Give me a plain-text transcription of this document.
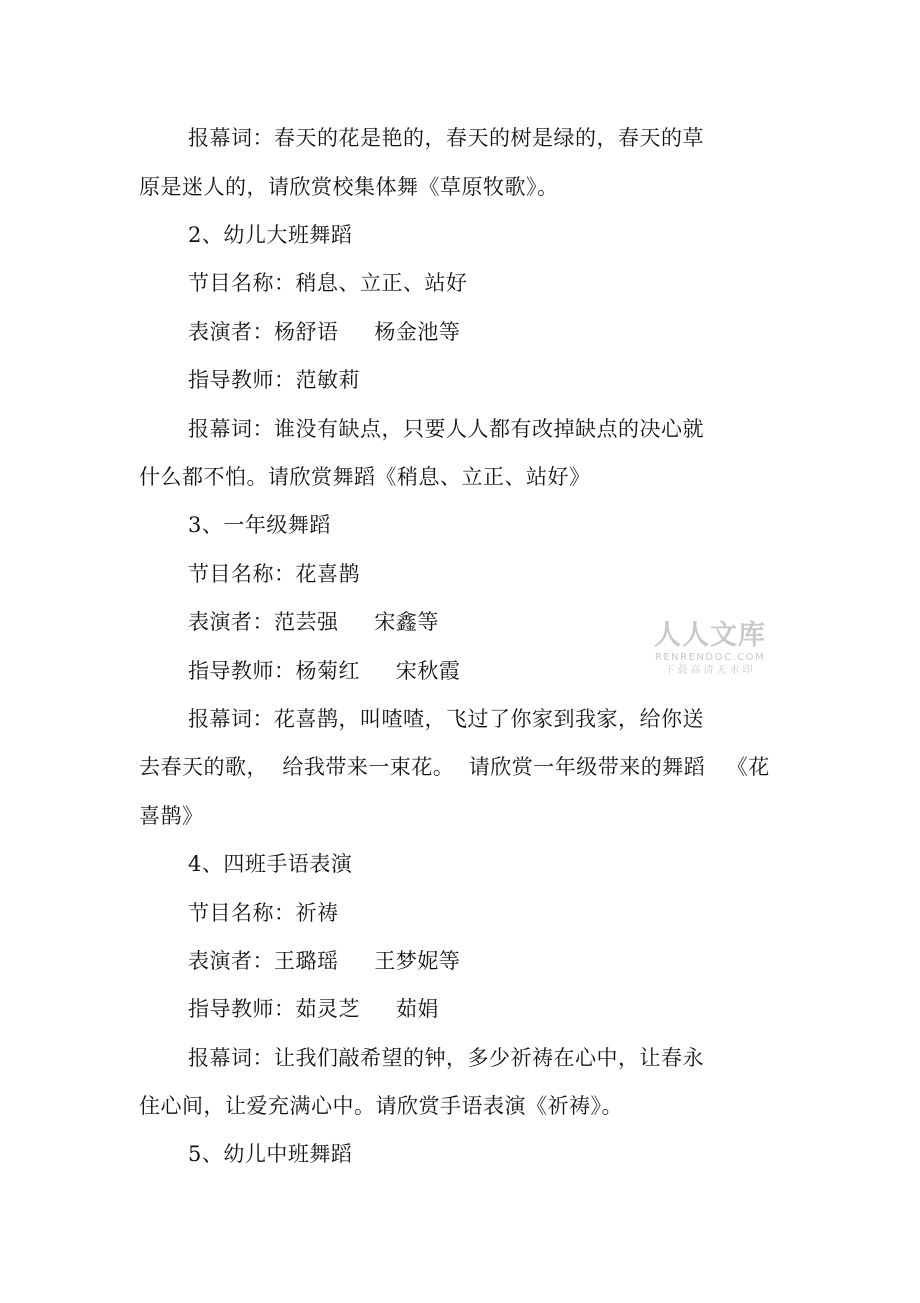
报幕词：春天的花是艳的，春天的树是绿的，春天的草
原是迷人的，请欣赏校集体舞《草原牧歌》。
2、幼儿大班舞蹈
节目名称：稍息、立正、站好
表演者：杨舒语     杨金池等
指导教师：范敏莉
报幕词：谁没有缺点，只要人人都有改掉缺点的决心就
什么都不怕。请欣赏舞蹈《稍息、立正、站好》
3、一年级舞蹈
节目名称：花喜鹊
表演者：范芸强     宋鑫等
指导教师：杨菊红     宋秋霞
报幕词：花喜鹊，叫喳喳，飞过了你家到我家，给你送
去春天的歌，  给我带来一束花。  请欣赏一年级带来的舞蹈   《花
喜鹊》
4、四班手语表演
节目名称：祈祷
表演者：王璐瑶     王梦妮等
指导教师：茹灵芝     茹娟
报幕词：让我们敲希望的钟，多少祈祷在心中，让春永
住心间，让爱充满心中。请欣赏手语表演《祈祷》。
5、幼儿中班舞蹈
人人文库
RENRENDOC.COM
下载高清无水印
